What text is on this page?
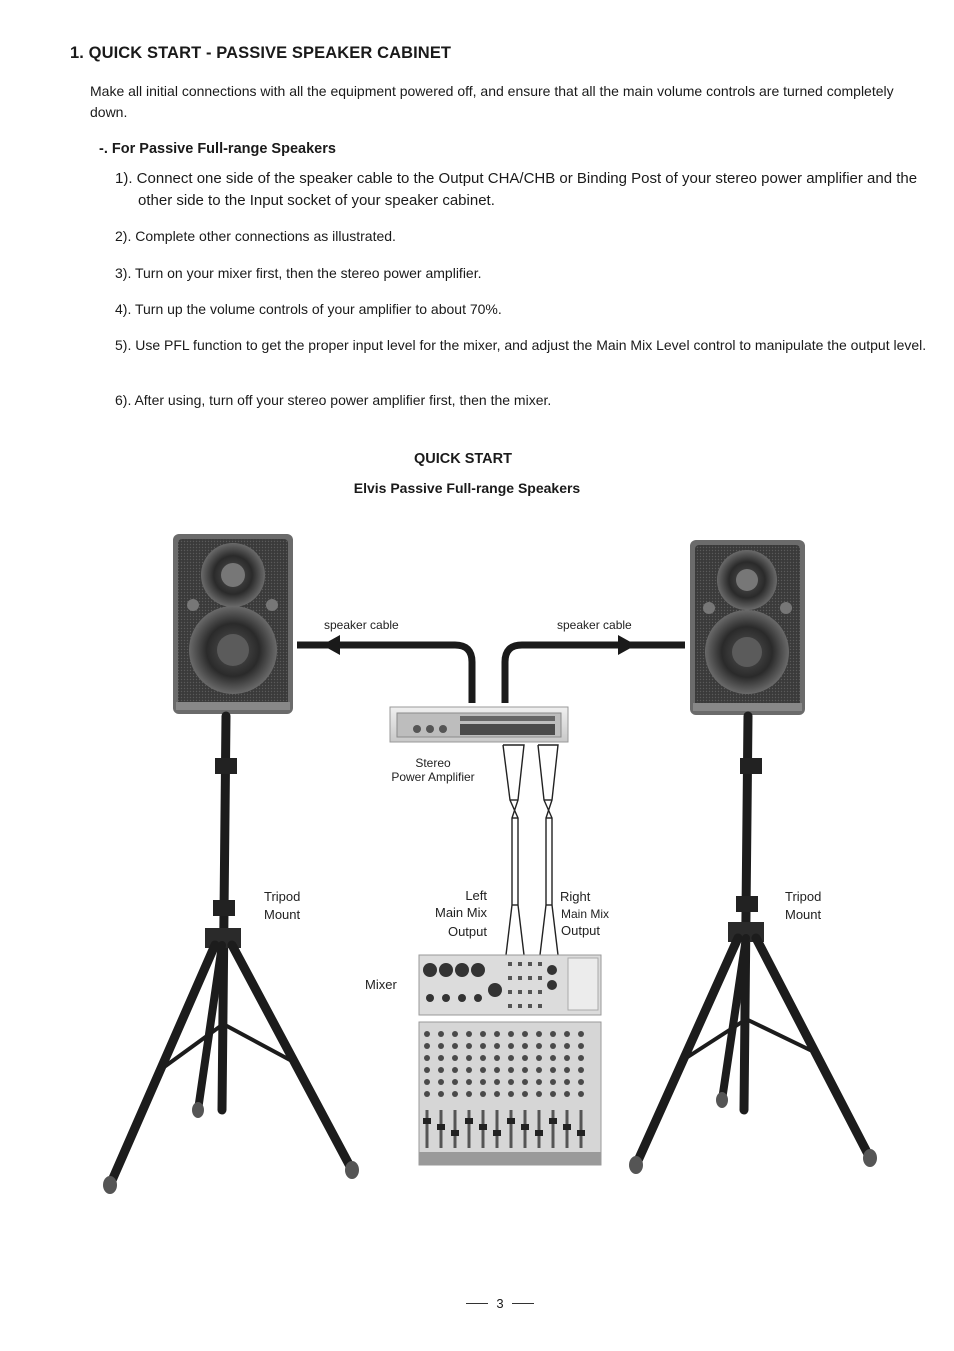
1. QUICK START - PASSIVE SPEAKER CABINET
Make all initial connections with all the equipment powered off, and ensure that all the main volume controls are turned completely down.
-. For Passive Full-range Speakers
1). Connect one side of the speaker cable to the Output CHA/CHB or Binding Post of your stereo power amplifier and the other side to the Input socket of your speaker cabinet.
2). Complete other connections as illustrated.
3). Turn on your mixer first, then the stereo power amplifier.
4). Turn up the volume controls of your amplifier to about 70%.
5). Use PFL function to get the proper input level for the mixer, and adjust the Main Mix Level control to manipulate the output level.
6). After using, turn off your stereo power amplifier first, then the mixer.
QUICK START
Elvis Passive Full-range Speakers
speaker cable	speaker cable
Stereo
Power Amplifier
Tripod
Mount
Tripod
Mount
Left
Main Mix
Output
Right
Main Mix
Output
Mixer
3
